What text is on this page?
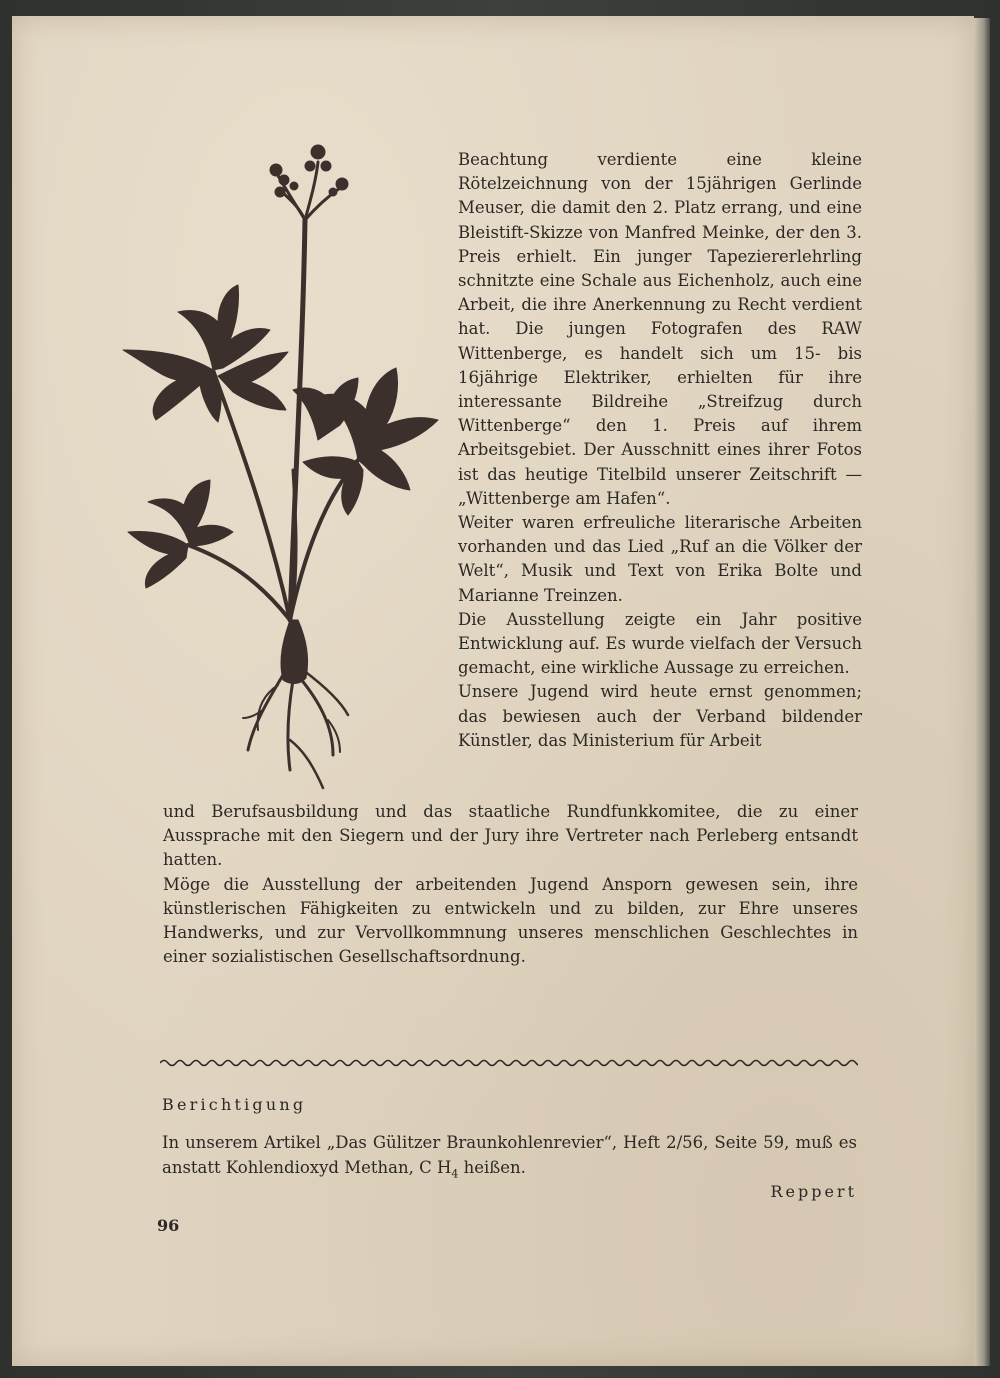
Beachtung verdiente eine kleine Rötelzeichnung von der 15jährigen Gerlinde Meuser, die damit den 2. Platz errang, und eine Bleistift-Skizze von Manfred Meinke, der den 3. Preis erhielt. Ein junger Tapeziererlehrling schnitzte eine Schale aus Eichenholz, auch eine Arbeit, die ihre Anerkennung zu Recht verdient hat. Die jungen Fotografen des RAW Wittenberge, es handelt sich um 15- bis 16jährige Elektriker, erhielten für ihre interessante Bildreihe „Streifzug durch Wittenberge“ den 1. Preis auf ihrem Arbeitsgebiet. Der Ausschnitt eines ihrer Fotos ist das heutige Titelbild unserer Zeitschrift — „Wittenberge am Hafen“.

Weiter waren erfreuliche literarische Arbeiten vorhanden und das Lied „Ruf an die Völker der Welt“, Musik und Text von Erika Bolte und Marianne Treinzen.

Die Ausstellung zeigte ein Jahr positive Entwicklung auf. Es wurde vielfach der Versuch gemacht, eine wirkliche Aussage zu erreichen.

Unsere Jugend wird heute ernst genommen; das bewiesen auch der Verband bildender Künstler, das Ministerium für Arbeit

und Berufsausbildung und das staatliche Rundfunkkomitee, die zu einer Aussprache mit den Siegern und der Jury ihre Vertreter nach Perleberg entsandt hatten.

Möge die Ausstellung der arbeitenden Jugend Ansporn gewesen sein, ihre künstlerischen Fähigkeiten zu entwickeln und zu bilden, zur Ehre unseres Handwerks, und zur Vervollkommnung unseres menschlichen Geschlechtes in einer sozialistischen Gesellschaftsordnung.

Berichtigung

In unserem Artikel „Das Gülitzer Braunkohlenrevier“, Heft 2/56, Seite 59, muß es anstatt Kohlendioxyd Methan, C $H_4$ heißen.

Reppert
96
